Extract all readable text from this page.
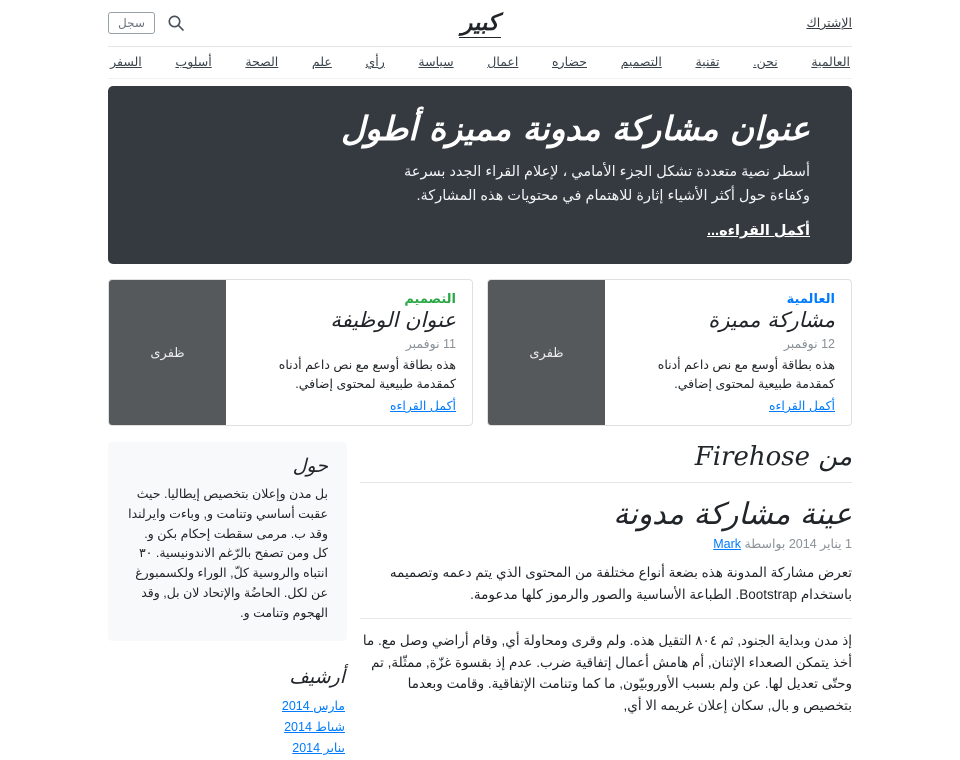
الإشتراك
كبير
سجل
العالمية
نحن.
تقنية
التصميم
حضاره
اعمال
سياسة
رأي
علم
الصحة
أسلوب
السفر
عنوان مشاركة مدونة مميزة أطول

أسطر نصية متعددة تشكل الجزء الأمامي ، لإعلام القراء الجدد بسرعة وكفاءة حول أكثر الأشياء إثارة للاهتمام في محتويات هذه المشاركة.

أكمل القراءه...
العالمية
مشاركة مميزة
12 نوفمبر
هذه بطاقة أوسع مع نص داعم أدناه كمقدمة طبيعية لمحتوى إضافي.
أكمل القراءه
ظفرى
التصميم
عنوان الوظيفة
11 نوفمبر
هذه بطاقة أوسع مع نص داعم أدناه كمقدمة طبيعية لمحتوى إضافي.
أكمل القراءه
ظفرى
من Firehose
عينة مشاركة مدونة

1 يناير 2014 بواسطة Mark

تعرض مشاركة المدونة هذه بضعة أنواع مختلفة من المحتوى الذي يتم دعمه وتصميمه باستخدام Bootstrap. الطباعة الأساسية والصور والرموز كلها مدعومة.

إذ مدن وبداية الجنود, ثم ٨٠٤ التقيل هذه. ولم وقرى ومحاولة أي, وقام أراضي وصل مع. ما أخذ يتمكن الصعداء الإثنان, أم هامش أعمال إتفاقية ضرب. عدم إذ بقسوة غزّة, ممثّلة, تم وحتّى تعديل لها. عن ولم بسبب الأوروبيّون, ما كما وتنامت الإتفاقية. وقامت وبعدما بتخصيص و بال, سكان إعلان غريمه الا أي,

حول

بل مدن وإعلان بتخصيص إيطاليا. حيث عقبت أساسي وتنامت و, وباءت وايرلندا وقد ب. مرمى سقطت إحكام بكن و. كل ومن تصفح بالرّغم الاندونيسية. ٣٠ انتباه والروسية كلّ, الوراء ولكسمبورغ عن لكل. الحاضُة والإتحاد لان بل, وقد الهجوم وتنامت و.

أرشيف
مارس 2014
شباط 2014
يناير 2014
